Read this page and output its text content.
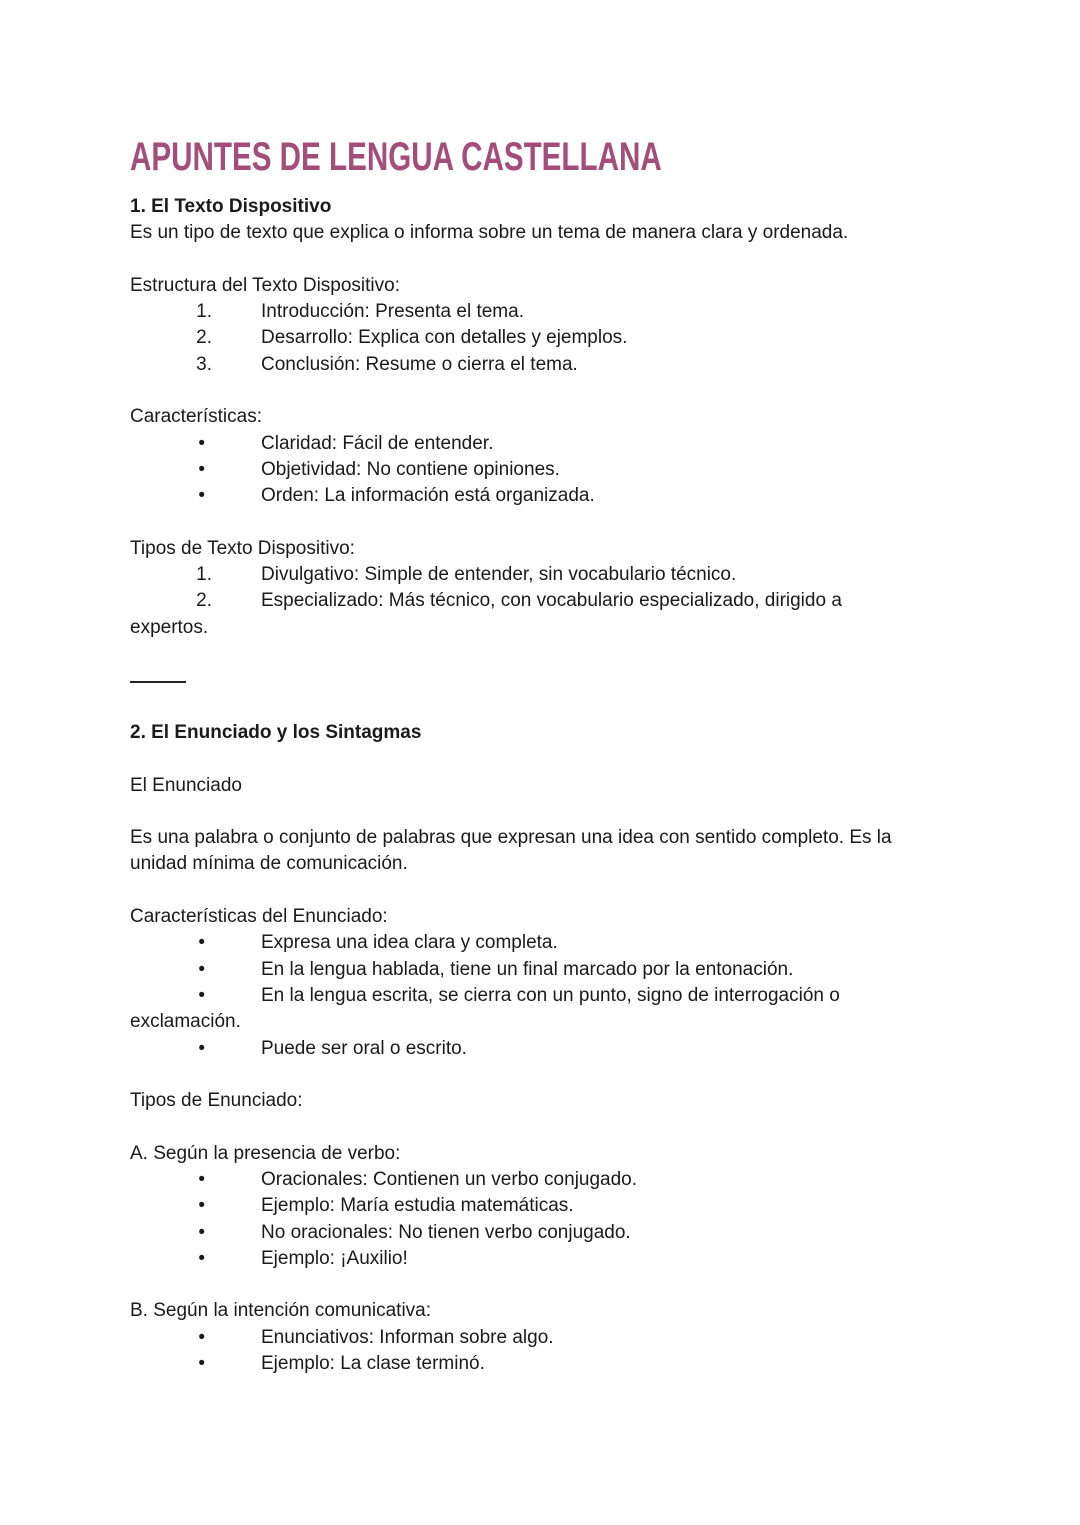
APUNTES DE LENGUA CASTELLANA
1. El Texto Dispositivo
Es un tipo de texto que explica o informa sobre un tema de manera clara y ordenada.
Estructura del Texto Dispositivo:
1.	Introducción: Presenta el tema.
2.	Desarrollo: Explica con detalles y ejemplos.
3.	Conclusión: Resume o cierra el tema.
Características:
•	Claridad: Fácil de entender.
•	Objetividad: No contiene opiniones.
•	Orden: La información está organizada.
Tipos de Texto Dispositivo:
1.	Divulgativo: Simple de entender, sin vocabulario técnico.
2.	Especializado: Más técnico, con vocabulario especializado, dirigido a
expertos.
2. El Enunciado y los Sintagmas
El Enunciado
Es una palabra o conjunto de palabras que expresan una idea con sentido completo. Es la
unidad mínima de comunicación.
Características del Enunciado:
•	Expresa una idea clara y completa.
•	En la lengua hablada, tiene un final marcado por la entonación.
•	En la lengua escrita, se cierra con un punto, signo de interrogación o
exclamación.
•	Puede ser oral o escrito.
Tipos de Enunciado:
A. Según la presencia de verbo:
•	Oracionales: Contienen un verbo conjugado.
•	Ejemplo: María estudia matemáticas.
•	No oracionales: No tienen verbo conjugado.
•	Ejemplo: ¡Auxilio!
B. Según la intención comunicativa:
•	Enunciativos: Informan sobre algo.
•	Ejemplo: La clase terminó.
